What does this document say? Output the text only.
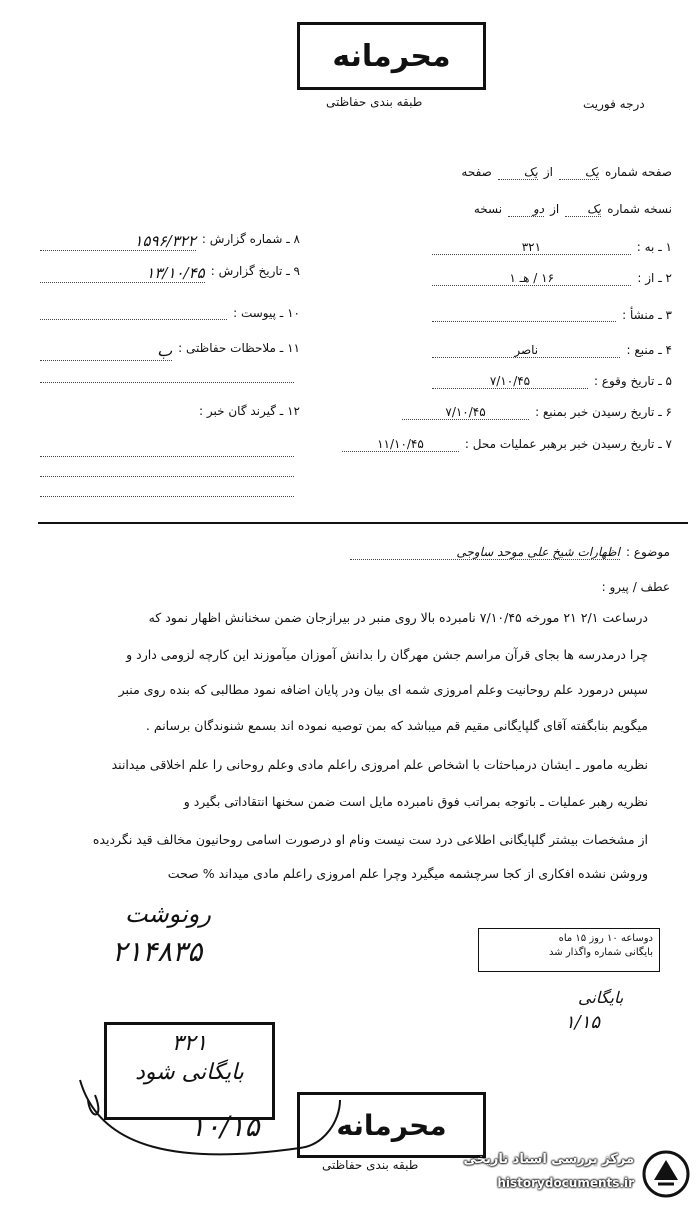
محرمانه
طبقه بندی حفاظتی	درجه فوریت
صفحه شماره
یک
از
یک
صفحه
نسخه شماره
یک
از
دو
نسخه
۸ ـ شماره گزارش :
۱۵۹۶/۳۲۲
۹ ـ تاریخ گزارش :
۱۳/۱۰/۴۵
۱۰ ـ پیوست :
۱۱ ـ ملاحظات حفاظتی :
ب
۱۲ ـ گیرند گان خبر :
۱ ـ به :
۳۲۱
۲ ـ از :
۱۶ / هـ ۱
۳ ـ منشأ :
۴ ـ منبع :
ناصر
۵ ـ تاریخ وقوع :
۷/۱۰/۴۵
۶ ـ تاریخ رسیدن خبر بمنبع :
۷/۱۰/۴۵
۷ ـ تاریخ رسیدن خبر برهبر عملیات محل :
۱۱/۱۰/۴۵
موضوع :
اظهارات شیخ علی موحد ساوجی
عطف / پیرو :
درساعت ۲/۱ ۲۱ مورخه ۷/۱۰/۴۵ نامبرده بالا روی منبر در بیرازجان ضمن سخنانش اظهار نمود که
چرا درمدرسه ها بجای قرآن مراسم جشن مهرگان را بدانش آموزان میآموزند این کارچه لزومی دارد و
سپس درمورد علم روحانیت وعلم امروزی شمه ای بیان ودر پایان اضافه نمود مطالبی که بنده روی منبر
میگویم بنابگفته آقای گلپایگانی مقیم قم میباشد که بمن توصیه نموده اند بسمع شنوندگان برسانم .
نظریه مامور ـ ایشان درمباحثات با اشخاص علم امروزی راعلم مادی وعلم روحانی را علم اخلاقی میدانند
نظریه رهبر عملیات ـ باتوجه بمراتب فوق نامبرده مایل است ضمن سخنها انتقاداتی بگیرد و
از مشخصات بیشتر گلپایگانی اطلاعی درد ست نیست ونام او درصورت اسامی روحانیون مخالف قید نگردیده
وروشن نشده افکاری از کجا سرچشمه میگیرد وچرا علم امروزی راعلم مادی میداند % صحت
رونوشت
۲۱۴۸۳۵	دوساعه ۱۰ روز ۱۵ ماه
بایگانی شماره واگذار شد
بایگانی
۱/۱۵
۳۲۱
بایگانی شود
۱۰/۱۵	محرمانه
طبقه بندی حفاظتی	مرکز بررسی اسناد تاریخی
historydocuments.ir
